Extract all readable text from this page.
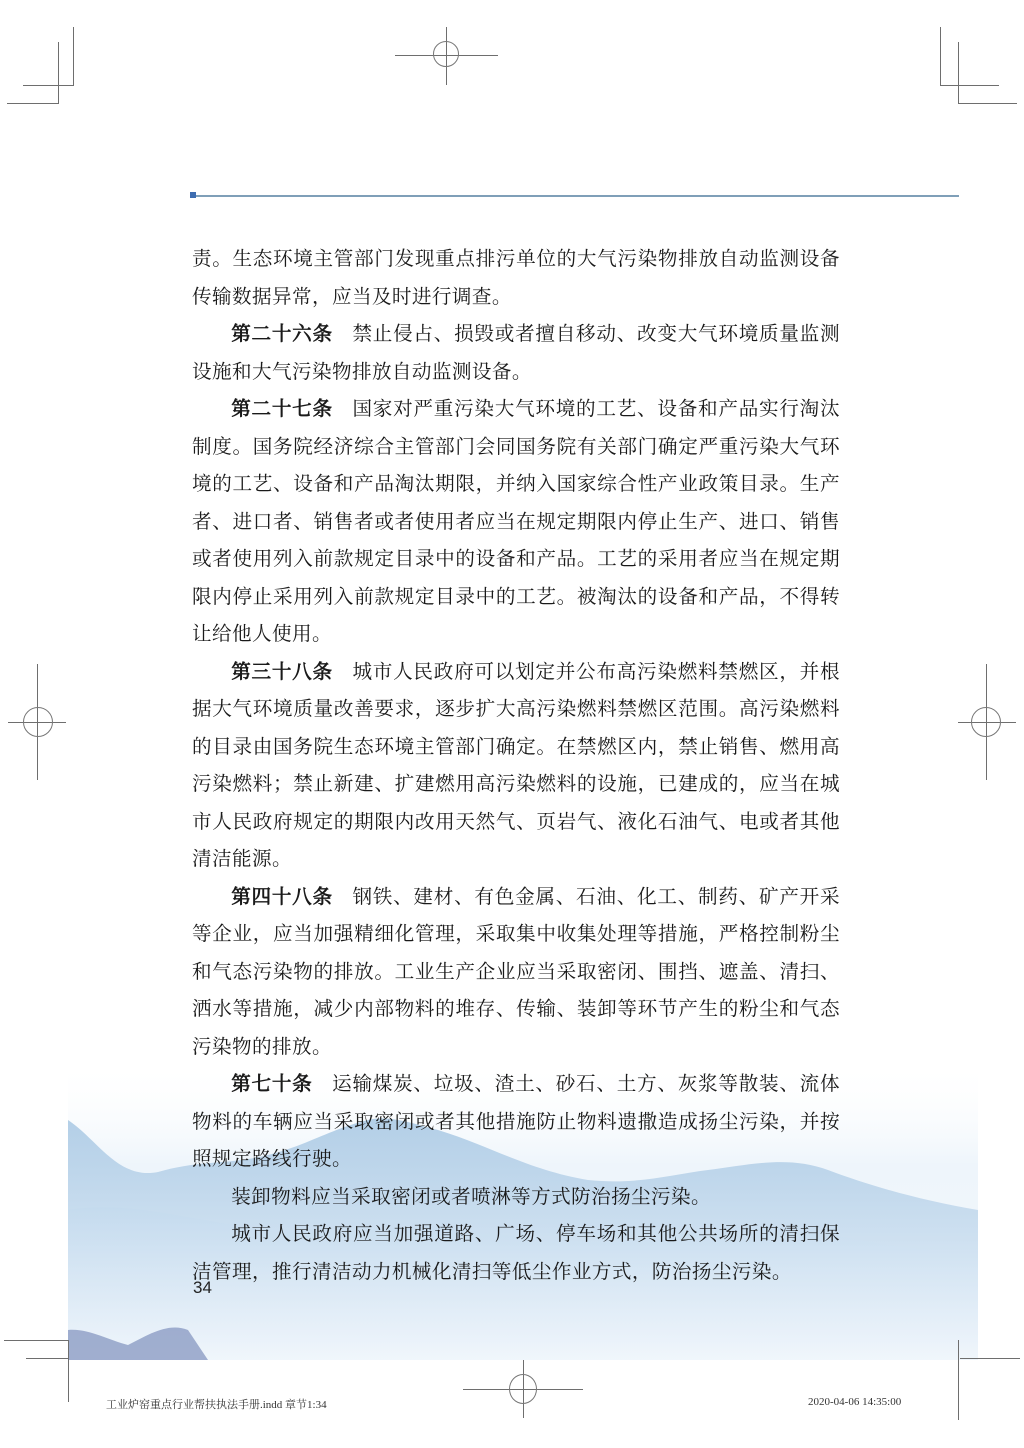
责。生态环境主管部门发现重点排污单位的大气污染物排放自动监测设备传输数据异常，应当及时进行调查。

第二十六条 禁止侵占、损毁或者擅自移动、改变大气环境质量监测设施和大气污染物排放自动监测设备。

第二十七条 国家对严重污染大气环境的工艺、设备和产品实行淘汰制度。国务院经济综合主管部门会同国务院有关部门确定严重污染大气环境的工艺、设备和产品淘汰期限，并纳入国家综合性产业政策目录。生产者、进口者、销售者或者使用者应当在规定期限内停止生产、进口、销售或者使用列入前款规定目录中的设备和产品。工艺的采用者应当在规定期限内停止采用列入前款规定目录中的工艺。被淘汰的设备和产品，不得转让给他人使用。

第三十八条 城市人民政府可以划定并公布高污染燃料禁燃区，并根据大气环境质量改善要求，逐步扩大高污染燃料禁燃区范围。高污染燃料的目录由国务院生态环境主管部门确定。在禁燃区内，禁止销售、燃用高污染燃料；禁止新建、扩建燃用高污染燃料的设施，已建成的，应当在城市人民政府规定的期限内改用天然气、页岩气、液化石油气、电或者其他清洁能源。

第四十八条 钢铁、建材、有色金属、石油、化工、制药、矿产开采等企业，应当加强精细化管理，采取集中收集处理等措施，严格控制粉尘和气态污染物的排放。工业生产企业应当采取密闭、围挡、遮盖、清扫、洒水等措施，减少内部物料的堆存、传输、装卸等环节产生的粉尘和气态污染物的排放。

第七十条 运输煤炭、垃圾、渣土、砂石、土方、灰浆等散装、流体物料的车辆应当采取密闭或者其他措施防止物料遗撒造成扬尘污染，并按照规定路线行驶。

装卸物料应当采取密闭或者喷淋等方式防治扬尘污染。

城市人民政府应当加强道路、广场、停车场和其他公共场所的清扫保洁管理，推行清洁动力机械化清扫等低尘作业方式，防治扬尘污染。

34
工业炉窑重点行业帮扶执法手册.indd 章节1:34	2020-04-06 14:35:00
